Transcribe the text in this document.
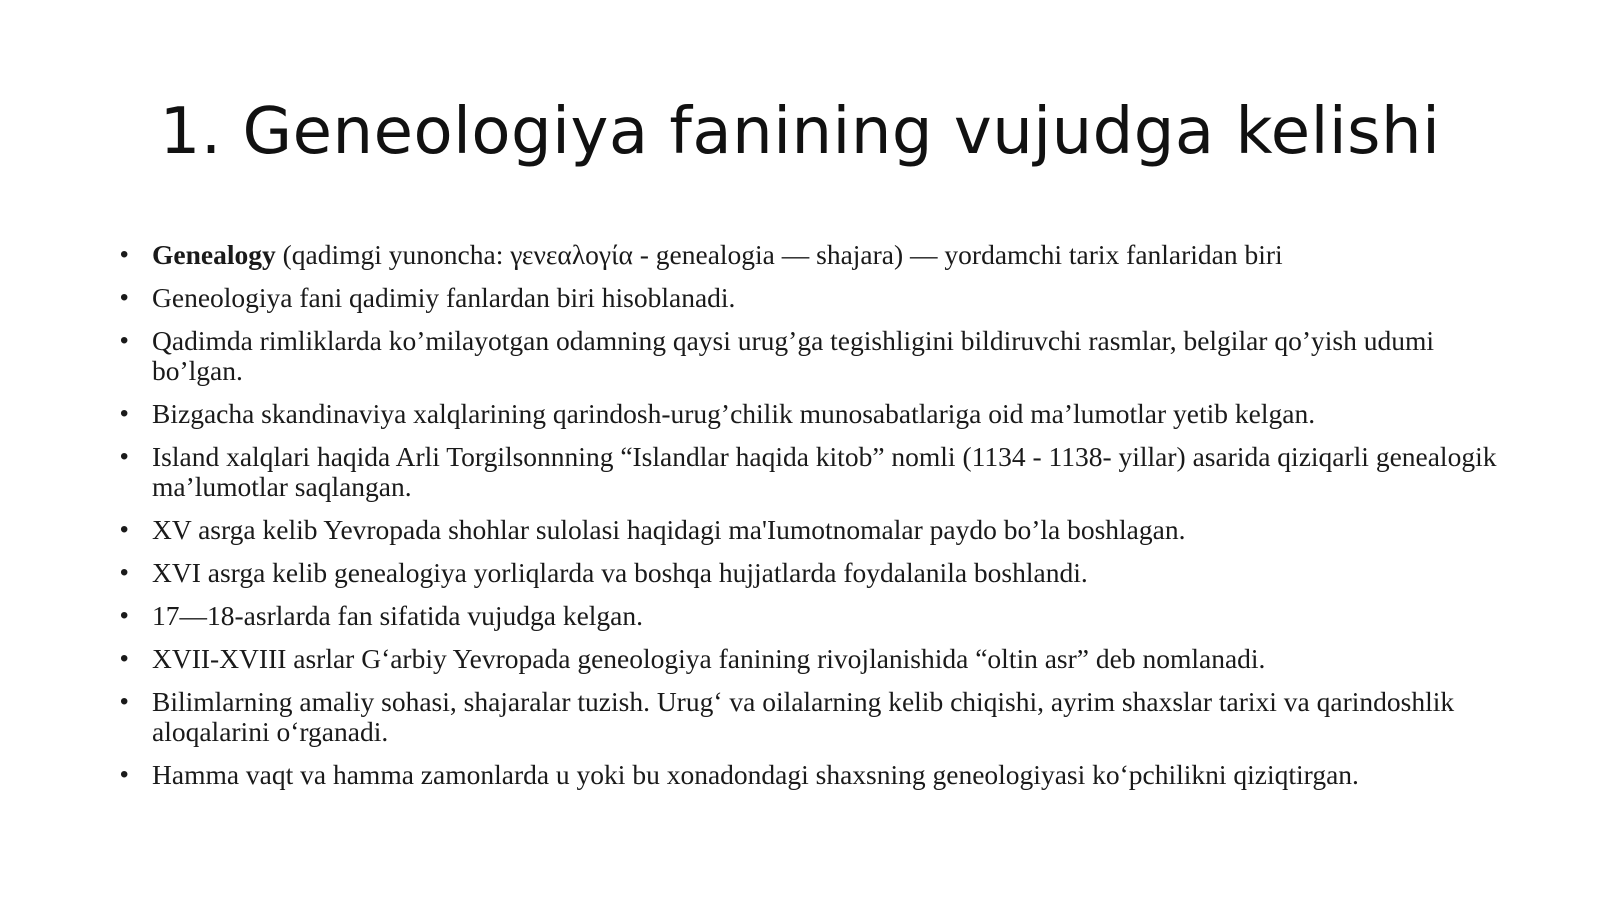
1. Geneologiya fanining vujudga kelishi
• Genealogy (qadimgi yunoncha: γενεαλογία - genealogia — shajara) — yordamchi tarix fanlaridan biri
• Geneologiya fani qadimiy fanlardan biri hisoblanadi.
• Qadimda rimliklarda ko’milayotgan odamning qaysi urug’ga tegishligini bildiruvchi rasmlar, belgilar qo’yish udumi bo’lgan.
• Bizgacha skandinaviya xalqlarining qarindosh-urug’chilik munosabatlariga oid ma’lumotlar yetib kelgan.
• Island xalqlari haqida Arli Torgilsonnning “Islandlar haqida kitob” nomli (1134 - 1138- yillar) asarida qiziqarli genealogik ma’lumotlar saqlangan.
• XV asrga kelib Yevropada shohlar sulolasi haqidagi ma'Iumotnomalar paydo bo’la boshlagan.
• XVI asrga kelib genealogiya yorliqlarda va boshqa hujjatlarda foydalanila boshlandi.
• 17—18-asrlarda fan sifatida vujudga kelgan.
• XVII-XVIII asrlar G‘arbiy Yevropada geneologiya fanining rivojlanishida “oltin asr” deb nomlanadi.
• Bilimlarning amaliy sohasi, shajaralar tuzish. Urug‘ va oilalarning kelib chiqishi, ayrim shaxslar tarixi va qarindoshlik aloqalarini o‘rganadi.
• Hamma vaqt va hamma zamonlarda u yoki bu xonadondagi shaxsning geneologiyasi ko‘pchilikni qiziqtirgan.
